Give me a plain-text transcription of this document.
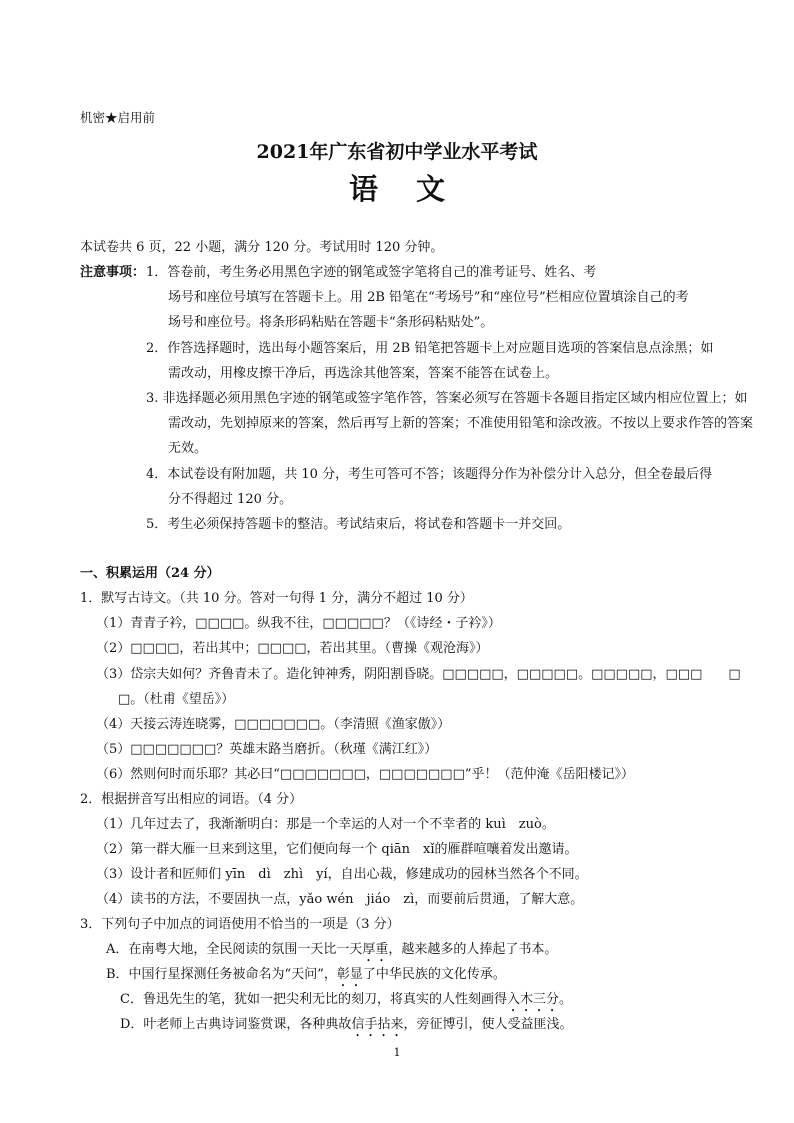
机密★启用前
2021年广东省初中学业水平考试
语文
本试卷共 6 页，22 小题，满分 120 分。考试用时 120 分钟。
注意事项： 1．答卷前，考生务必用黑色字迹的钢笔或签字笔将自己的准考证号、姓名、考
场号和座位号填写在答题卡上。用 2B 铅笔在“考场号”和“座位号”栏相应位置填涂自己的考
场号和座位号。将条形码粘贴在答题卡“条形码粘贴处”。
2．作答选择题时，选出每小题答案后，用 2B 铅笔把答题卡上对应题目选项的答案信息点涂黑；如
需改动，用橡皮擦干净后，再选涂其他答案，答案不能答在试卷上。
3. 非选择题必须用黑色字迹的钢笔或签字笔作答，答案必须写在答题卡各题目指定区域内相应位置上；如
需改动，先划掉原来的答案，然后再写上新的答案；不准使用铅笔和涂改液。不按以上要求作答的答案
无效。
4．本试卷设有附加题，共 10 分，考生可答可不答；该题得分作为补偿分计入总分，但全卷最后得
分不得超过 120 分。
5．考生必须保持答题卡的整洁。考试结束后，将试卷和答题卡一并交回。
一、积累运用（24 分）
1．默写古诗文。（共 10 分。答对一句得 1 分，满分不超过 10 分）
（1）青青子衿，□□□□。纵我不往，□□□□□？（《诗经・子衿》）
（2）□□□□，若出其中；□□□□，若出其里。（曹操《观沧海》）
（3）岱宗夫如何？齐鲁青未了。造化钟神秀，阴阳割昏晓。□□□□□，□□□□□。□□□□□，□□□　　□
□。（杜甫《望岳》）
（4）天接云涛连晓雾，□□□□□□□。（李清照《渔家傲》）
（5）□□□□□□□？英雄末路当磨折。（秋瑾《满江红》）
（6）然则何时而乐耶？其必曰“□□□□□□□，□□□□□□□”乎！（范仲淹《岳阳楼记》）
2．根据拼音写出相应的词语。（4 分）
（1）几年过去了，我渐渐明白：那是一个幸运的人对一个不幸者的 kuì　zuò。
（2）第一群大雁一旦来到这里，它们便向每一个 qiān　xǐ的雁群喧嚷着发出邀请。
（3）设计者和匠师们 yīn　dì　zhì　yí，自出心裁，修建成功的园林当然各个不同。
（4）读书的方法，不要固执一点，yǎo wén　jiáo　zì，而要前后贯通，了解大意。
3．下列句子中加点的词语使用不恰当的一项是（3 分）
A．在南粤大地，全民阅读的氛围一天比一天厚重，越来越多的人捧起了书本。
B．中国行星探测任务被命名为“天问”，彰显了中华民族的文化传承。
C．鲁迅先生的笔，犹如一把尖利无比的刻刀，将真实的人性刻画得入木三分。
D．叶老师上古典诗词鉴赏课，各种典故信手拈来，旁征博引，使人受益匪浅。
1
